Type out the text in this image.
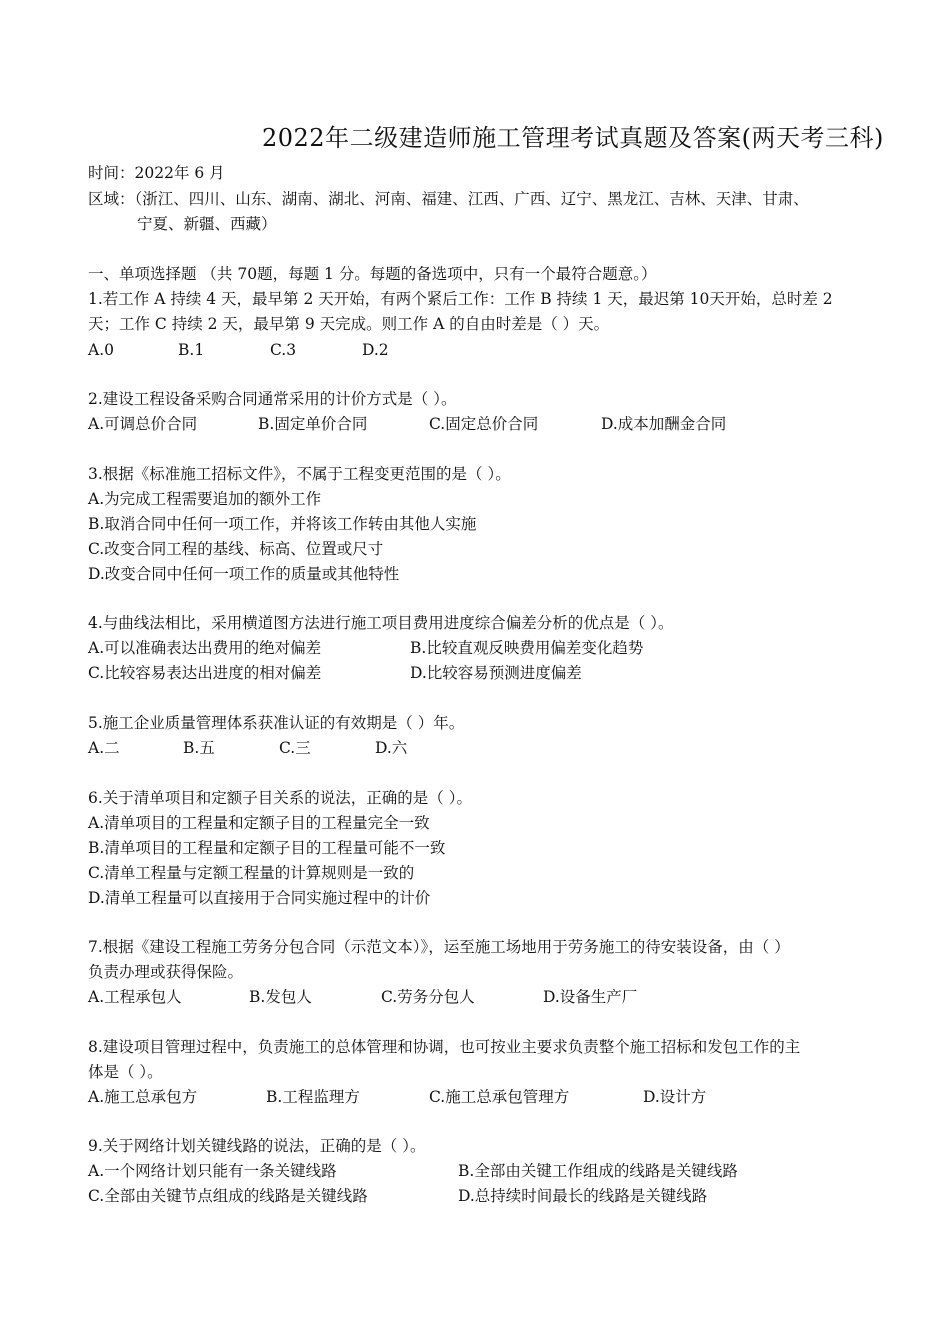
2022年二级建造师施工管理考试真题及答案(两天考三科)
时间：2022年 6 月
区域：（浙江、四川、山东、湖南、湖北、河南、福建、江西、广西、辽宁、黑龙江、吉林、天津、甘肃、
宁夏、新疆、西藏）
一、单项选择题 （共 70题，每题 1 分。每题的备选项中，只有一个最符合题意。）
1.若工作 A 持续 4 天，最早第 2 天开始，有两个紧后工作：工作 B 持续 1 天，最迟第 10天开始，总时差 2
天；工作 C 持续 2 天，最早第 9 天完成。则工作 A 的自由时差是（ ）天。
A.0	B.1	C.3	D.2
2.建设工程设备采购合同通常采用的计价方式是（ ）。
A.可调总价合同	B.固定单价合同	C.固定总价合同	D.成本加酬金合同
3.根据《标准施工招标文件》，不属于工程变更范围的是（ ）。
A.为完成工程需要追加的额外工作
B.取消合同中任何一项工作，并将该工作转由其他人实施
C.改变合同工程的基线、标高、位置或尺寸
D.改变合同中任何一项工作的质量或其他特性
4.与曲线法相比，采用横道图方法进行施工项目费用进度综合偏差分析的优点是（ ）。
A.可以准确表达出费用的绝对偏差	B.比较直观反映费用偏差变化趋势
C.比较容易表达出进度的相对偏差	D.比较容易预测进度偏差
5.施工企业质量管理体系获准认证的有效期是（ ）年。
A.二	B.五	C.三	D.六
6.关于清单项目和定额子目关系的说法，正确的是（ ）。
A.清单项目的工程量和定额子目的工程量完全一致
B.清单项目的工程量和定额子目的工程量可能不一致
C.清单工程量与定额工程量的计算规则是一致的
D.清单工程量可以直接用于合同实施过程中的计价
7.根据《建设工程施工劳务分包合同（示范文本）》，运至施工场地用于劳务施工的待安装设备，由（ ）
负责办理或获得保险。
A.工程承包人	B.发包人	C.劳务分包人	D.设备生产厂
8.建设项目管理过程中，负责施工的总体管理和协调，也可按业主要求负责整个施工招标和发包工作的主
体是（ ）。
A.施工总承包方	B.工程监理方	C.施工总承包管理方	D.设计方
9.关于网络计划关键线路的说法，正确的是（ ）。
A.一个网络计划只能有一条关键线路	B.全部由关键工作组成的线路是关键线路
C.全部由关键节点组成的线路是关键线路	D.总持续时间最长的线路是关键线路
